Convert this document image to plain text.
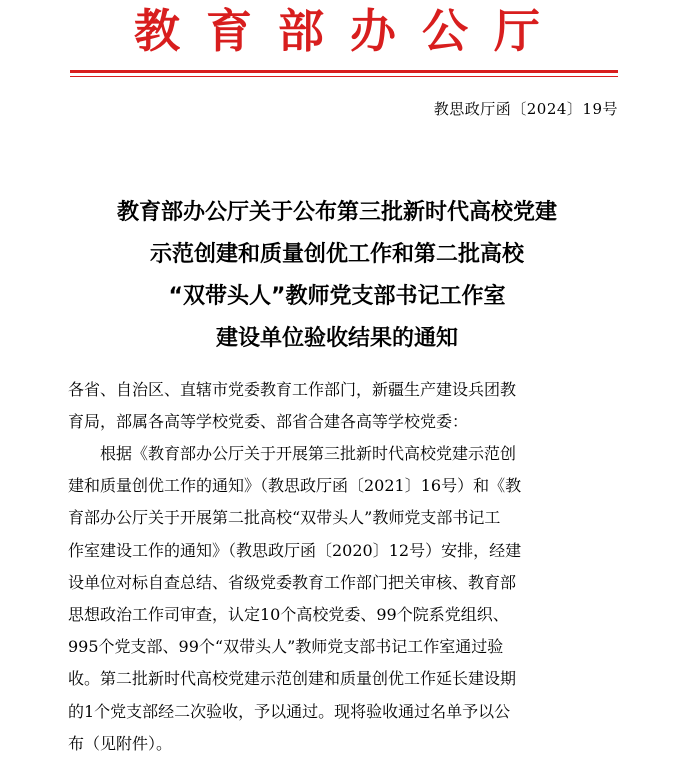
教育部办公厅
教思政厅函〔2024〕19号
教育部办公厅关于公布第三批新时代高校党建
示范创建和质量创优工作和第二批高校
“双带头人”教师党支部书记工作室
建设单位验收结果的通知
各省、自治区、直辖市党委教育工作部门，新疆生产建设兵团教
育局，部属各高等学校党委、部省合建各高等学校党委：
　　根据《教育部办公厅关于开展第三批新时代高校党建示范创
建和质量创优工作的通知》（教思政厅函〔2021〕16号）和《教
育部办公厅关于开展第二批高校“双带头人”教师党支部书记工
作室建设工作的通知》（教思政厅函〔2020〕12号）安排，经建
设单位对标自查总结、省级党委教育工作部门把关审核、教育部
思想政治工作司审查，认定10个高校党委、99个院系党组织、
995个党支部、99个“双带头人”教师党支部书记工作室通过验
收。第二批新时代高校党建示范创建和质量创优工作延长建设期
的1个党支部经二次验收，予以通过。现将验收通过名单予以公
布（见附件）。
